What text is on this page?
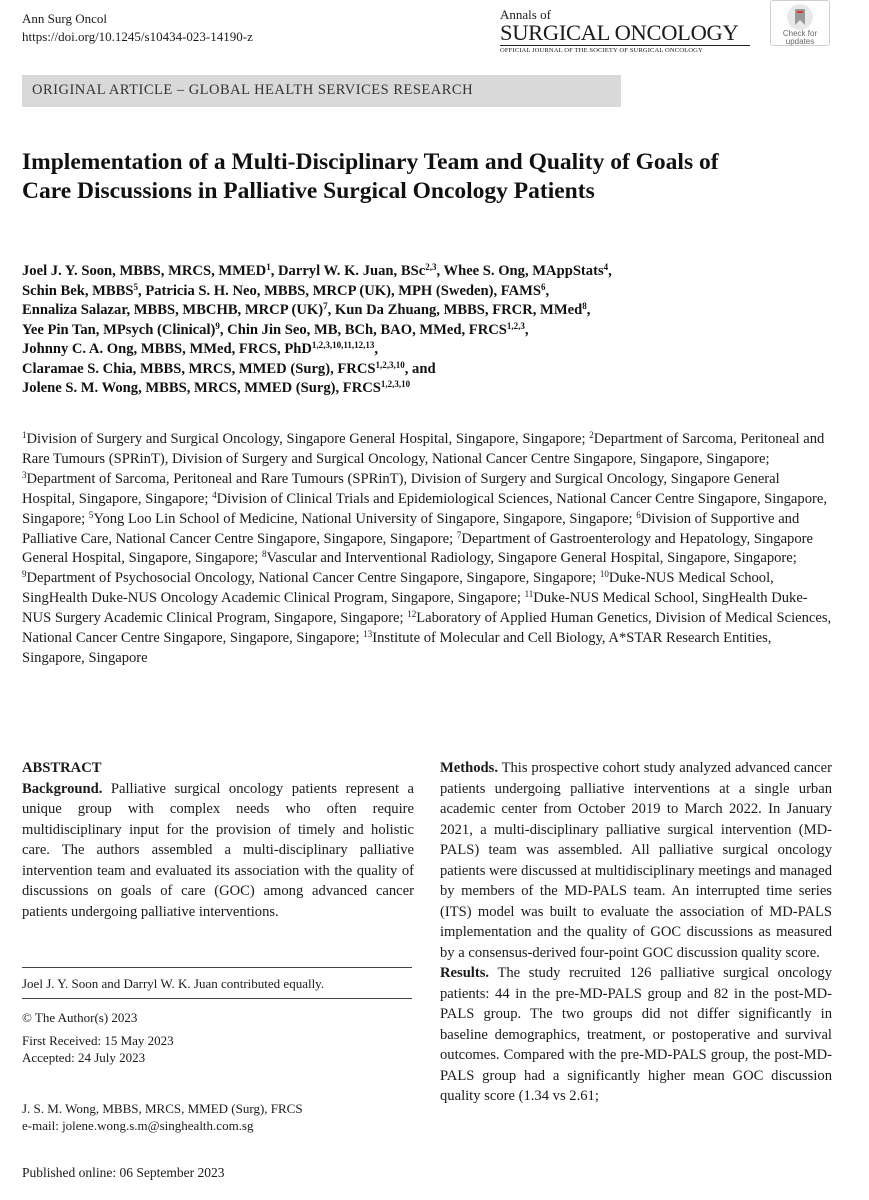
Ann Surg Oncol
https://doi.org/10.1245/s10434-023-14190-z
Annals of
SURGICAL ONCOLOGY
OFFICIAL JOURNAL OF THE SOCIETY OF SURGICAL ONCOLOGY
Check for
updates
ORIGINAL ARTICLE – GLOBAL HEALTH SERVICES RESEARCH
Implementation of a Multi-Disciplinary Team and Quality of Goals of Care Discussions in Palliative Surgical Oncology Patients
Joel J. Y. Soon, MBBS, MRCS, MMED$^1$, Darryl W. K. Juan, BSc$^{2,3}$, Whee S. Ong, MAppStats$^4$,
Schin Bek, MBBS$^5$, Patricia S. H. Neo, MBBS, MRCP (UK), MPH (Sweden), FAMS$^6$,
Ennaliza Salazar, MBBS, MBCHB, MRCP (UK)$^7$, Kun Da Zhuang, MBBS, FRCR, MMed$^8$,
Yee Pin Tan, MPsych (Clinical)$^9$, Chin Jin Seo, MB, BCh, BAO, MMed, FRCS$^{1,2,3}$,
Johnny C. A. Ong, MBBS, MMed, FRCS, PhD$^{1,2,3,10,11,12,13}$,
Claramae S. Chia, MBBS, MRCS, MMED (Surg), FRCS$^{1,2,3,10}$, and
Jolene S. M. Wong, MBBS, MRCS, MMED (Surg), FRCS$^{1,2,3,10}$
$^1$Division of Surgery and Surgical Oncology, Singapore General Hospital, Singapore, Singapore; $^2$Department of Sarcoma, Peritoneal and Rare Tumours (SPRinT), Division of Surgery and Surgical Oncology, National Cancer Centre Singapore, Singapore, Singapore; $^3$Department of Sarcoma, Peritoneal and Rare Tumours (SPRinT), Division of Surgery and Surgical Oncology, Singapore General Hospital, Singapore, Singapore; $^4$Division of Clinical Trials and Epidemiological Sciences, National Cancer Centre Singapore, Singapore, Singapore; $^5$Yong Loo Lin School of Medicine, National University of Singapore, Singapore, Singapore; $^6$Division of Supportive and Palliative Care, National Cancer Centre Singapore, Singapore, Singapore; $^7$Department of Gastroenterology and Hepatology, Singapore General Hospital, Singapore, Singapore; $^8$Vascular and Interventional Radiology, Singapore General Hospital, Singapore, Singapore; $^9$Department of Psychosocial Oncology, National Cancer Centre Singapore, Singapore, Singapore; $^{10}$Duke-NUS Medical School, SingHealth Duke-NUS Oncology Academic Clinical Program, Singapore, Singapore; $^{11}$Duke-NUS Medical School, SingHealth Duke-NUS Surgery Academic Clinical Program, Singapore, Singapore; $^{12}$Laboratory of Applied Human Genetics, Division of Medical Sciences, National Cancer Centre Singapore, Singapore, Singapore; $^{13}$Institute of Molecular and Cell Biology, A*STAR Research Entities, Singapore, Singapore
ABSTRACT
Background. Palliative surgical oncology patients represent a unique group with complex needs who often require multidisciplinary input for the provision of timely and holistic care. The authors assembled a multi-disciplinary palliative intervention team and evaluated its association with the quality of discussions on goals of care (GOC) among advanced cancer patients undergoing palliative interventions.
Joel J. Y. Soon and Darryl W. K. Juan contributed equally.
© The Author(s) 2023
First Received: 15 May 2023
Accepted: 24 July 2023
J. S. M. Wong, MBBS, MRCS, MMED (Surg), FRCS
e-mail: jolene.wong.s.m@singhealth.com.sg
Methods. This prospective cohort study analyzed advanced cancer patients undergoing palliative interventions at a single urban academic center from October 2019 to March 2022. In January 2021, a multi-disciplinary palliative surgical intervention (MD-PALS) team was assembled. All palliative surgical oncology patients were discussed at multidisciplinary meetings and managed by members of the MD-PALS team. An interrupted time series (ITS) model was built to evaluate the association of MD-PALS implementation and the quality of GOC discussions as measured by a consensus-derived four-point GOC discussion quality score.
Results. The study recruited 126 palliative surgical oncology patients: 44 in the pre-MD-PALS group and 82 in the post-MD-PALS group. The two groups did not differ significantly in baseline demographics, treatment, or postoperative and survival outcomes. Compared with the pre-MD-PALS group, the post-MD-PALS group had a significantly higher mean GOC discussion quality score (1.34 vs 2.61;
Published online: 06 September 2023
